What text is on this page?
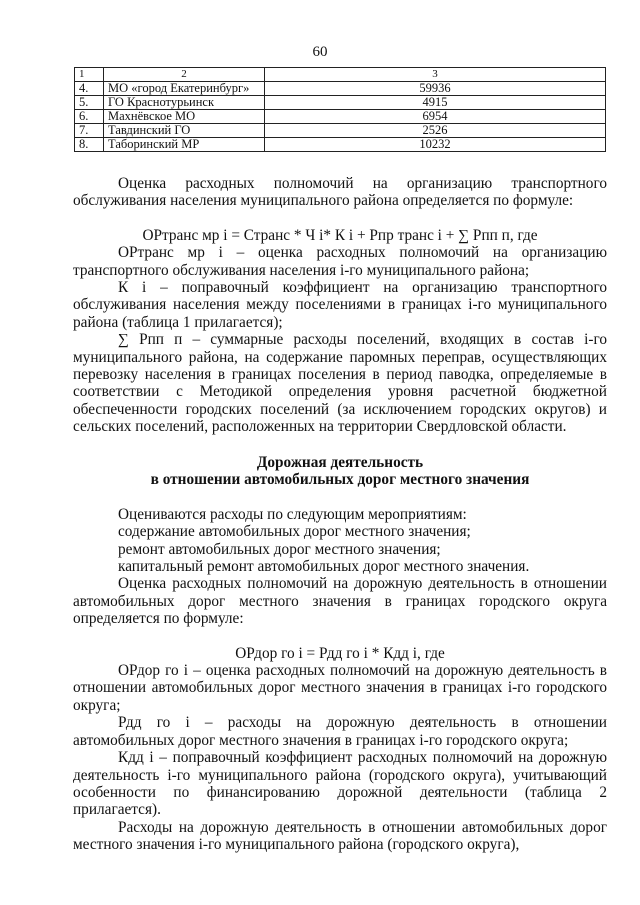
60
1	2	3
4.	МО «город Екатеринбург»	59936
5.	ГО Краснотурьинск	4915
6.	Махнёвское МО	6954
7.	Тавдинский ГО	2526
8.	Таборинский МР	10232

Оценка расходных полномочий на организацию транспортного обслуживания населения муниципального района определяется по формуле:

ОРтранс мр i = Странс * Ч i* К i + Рпр транс i + ∑ Рпп п, где

ОРтранс мр i – оценка расходных полномочий на организацию транспортного обслуживания населения i-го муниципального района;

К i – поправочный коэффициент на организацию транспортного обслуживания населения между поселениями в границах i-го муниципального района (таблица 1 прилагается);

∑ Рпп п – суммарные расходы поселений, входящих в состав i-го муниципального района, на содержание паромных переправ, осуществляющих перевозку населения в границах поселения в период паводка, определяемые в соответствии с Методикой определения уровня расчетной бюджетной обеспеченности городских поселений (за исключением городских округов) и сельских поселений, расположенных на территории Свердловской области.

Дорожная деятельность

в отношении автомобильных дорог местного значения

Оцениваются расходы по следующим мероприятиям:

содержание автомобильных дорог местного значения;

ремонт автомобильных дорог местного значения;

капитальный ремонт автомобильных дорог местного значения.

Оценка расходных полномочий на дорожную деятельность в отношении автомобильных дорог местного значения в границах городского округа определяется по формуле:

ОРдор го i = Рдд го i * Кдд i, где

ОРдор го i – оценка расходных полномочий на дорожную деятельность в отношении автомобильных дорог местного значения в границах i-го городского округа;

Рдд го i – расходы на дорожную деятельность в отношении автомобильных дорог местного значения в границах i-го городского округа;

Кдд i – поправочный коэффициент расходных полномочий на дорожную деятельность i-го муниципального района (городского округа), учитывающий особенности по финансированию дорожной деятельности (таблица 2 прилагается).

Расходы на дорожную деятельность в отношении автомобильных дорог местного значения i-го муниципального района (городского округа),
